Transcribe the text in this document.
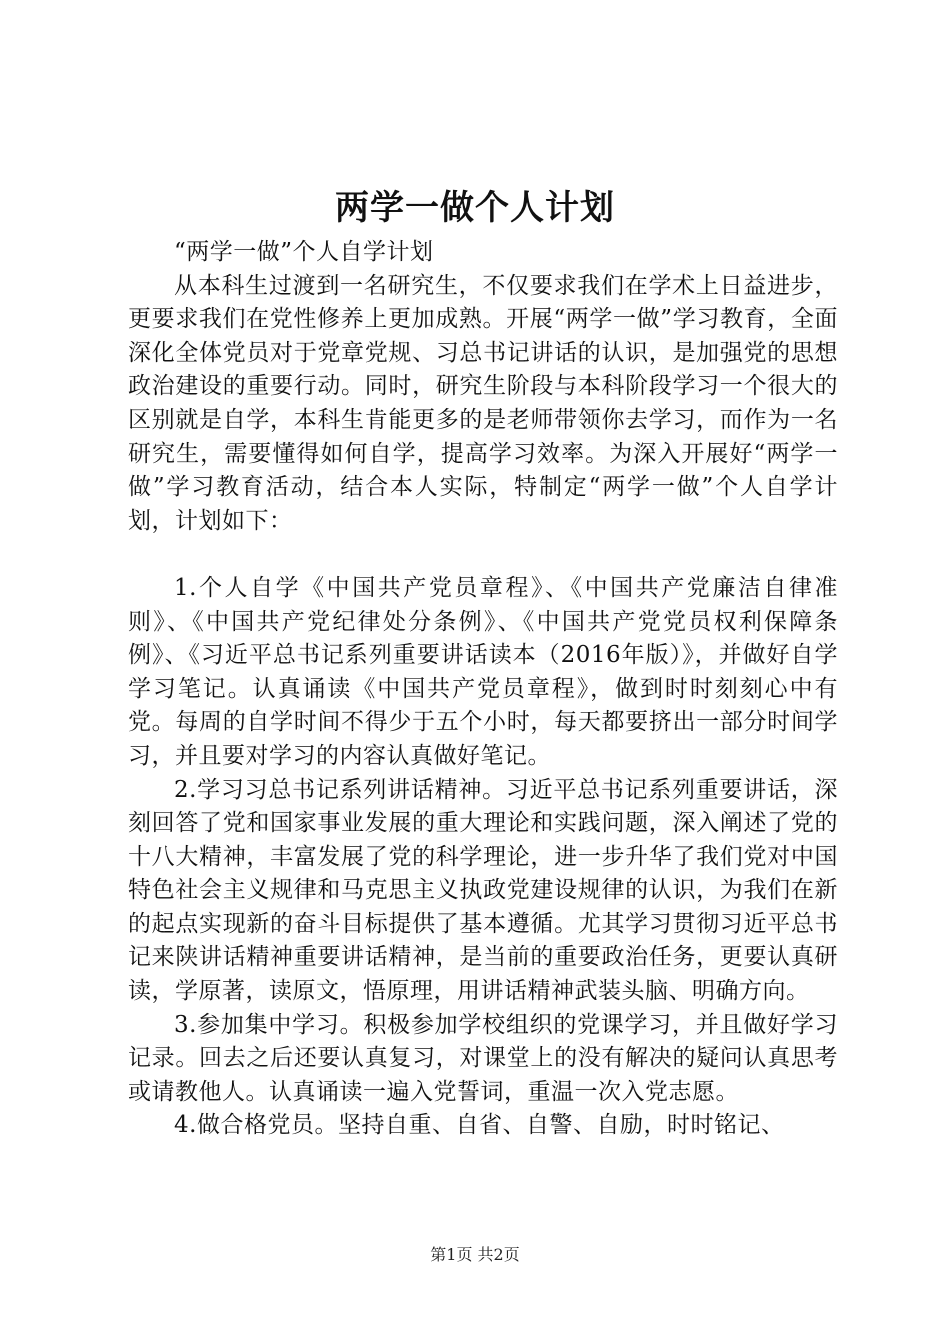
两学一做个人计划

“两学一做”个人自学计划

从本科生过渡到一名研究生，不仅要求我们在学术上日益进步，更要求我们在党性修养上更加成熟。开展“两学一做”学习教育，全面深化全体党员对于党章党规、习总书记讲话的认识，是加强党的思想政治建设的重要行动。同时，研究生阶段与本科阶段学习一个很大的区别就是自学，本科生肯能更多的是老师带领你去学习，而作为一名研究生，需要懂得如何自学，提高学习效率。为深入开展好“两学一做”学习教育活动，结合本人实际，特制定“两学一做”个人自学计划，计划如下：

1.个人自学《中国共产党员章程》、《中国共产党廉洁自律准则》、《中国共产党纪律处分条例》、《中国共产党党员权利保障条例》、《习近平总书记系列重要讲话读本（2016年版）》，并做好自学学习笔记。认真诵读《中国共产党员章程》，做到时时刻刻心中有党。每周的自学时间不得少于五个小时，每天都要挤出一部分时间学习，并且要对学习的内容认真做好笔记。

2.学习习总书记系列讲话精神。习近平总书记系列重要讲话，深刻回答了党和国家事业发展的重大理论和实践问题，深入阐述了党的十八大精神，丰富发展了党的科学理论，进一步升华了我们党对中国特色社会主义规律和马克思主义执政党建设规律的认识，为我们在新的起点实现新的奋斗目标提供了基本遵循。尤其学习贯彻习近平总书记来陕讲话精神重要讲话精神，是当前的重要政治任务，更要认真研读，学原著，读原文，悟原理，用讲话精神武装头脑、明确方向。

3.参加集中学习。积极参加学校组织的党课学习，并且做好学习记录。回去之后还要认真复习，对课堂上的没有解决的疑问认真思考或请教他人。认真诵读一遍入党誓词，重温一次入党志愿。

4.做合格党员。坚持自重、自省、自警、自励，时时铭记、

第1页 共2页
